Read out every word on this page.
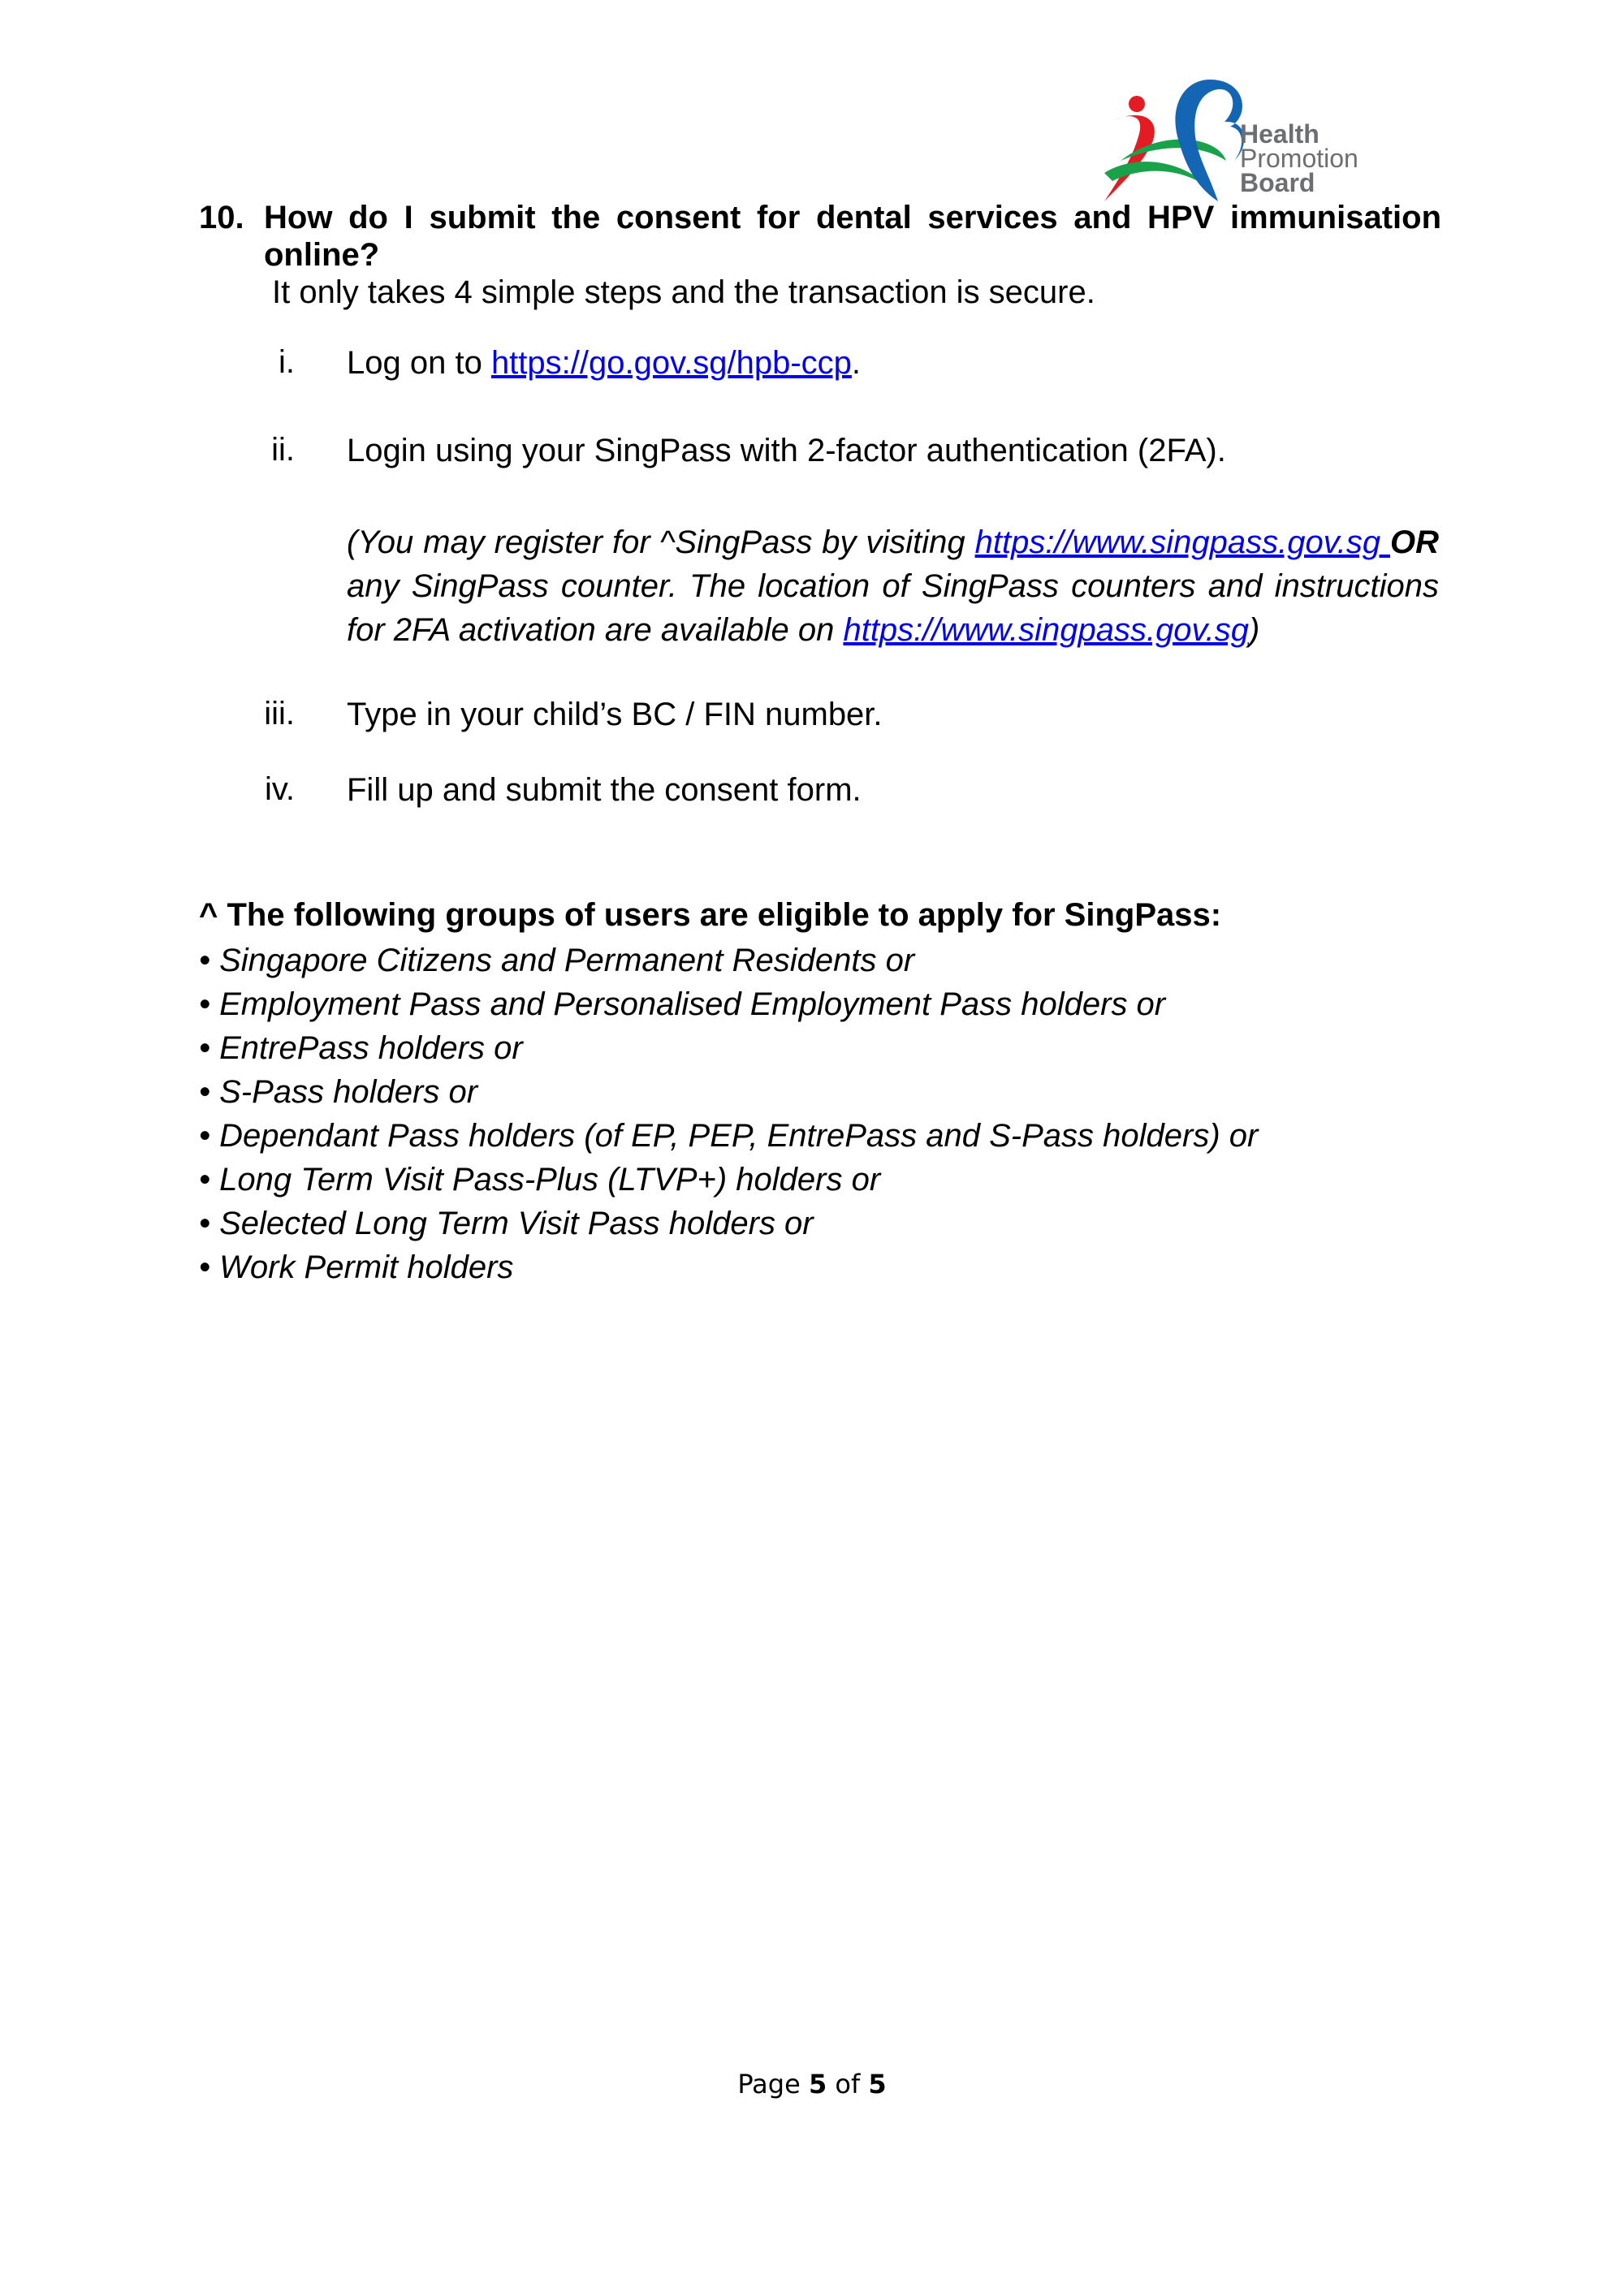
Health
Promotion
Board
10. How do I submit the consent for dental services and HPV immunisation
online?
It only takes 4 simple steps and the transaction is secure.
i. Log on to https://go.gov.sg/hpb-ccp.
ii. Login using your SingPass with 2-factor authentication (2FA).
(You may register for ^SingPass by visiting https://www.singpass.gov.sg OR any SingPass counter. The location of SingPass counters and instructions for 2FA activation are available on https://www.singpass.gov.sg)
iii. Type in your child’s BC / FIN number.
iv. Fill up and submit the consent form.
^ The following groups of users are eligible to apply for SingPass:
• Singapore Citizens and Permanent Residents or
• Employment Pass and Personalised Employment Pass holders or
• EntrePass holders or
• S-Pass holders or
• Dependant Pass holders (of EP, PEP, EntrePass and S-Pass holders) or
• Long Term Visit Pass-Plus (LTVP+) holders or
• Selected Long Term Visit Pass holders or
• Work Permit holders
Page 5 of 5
